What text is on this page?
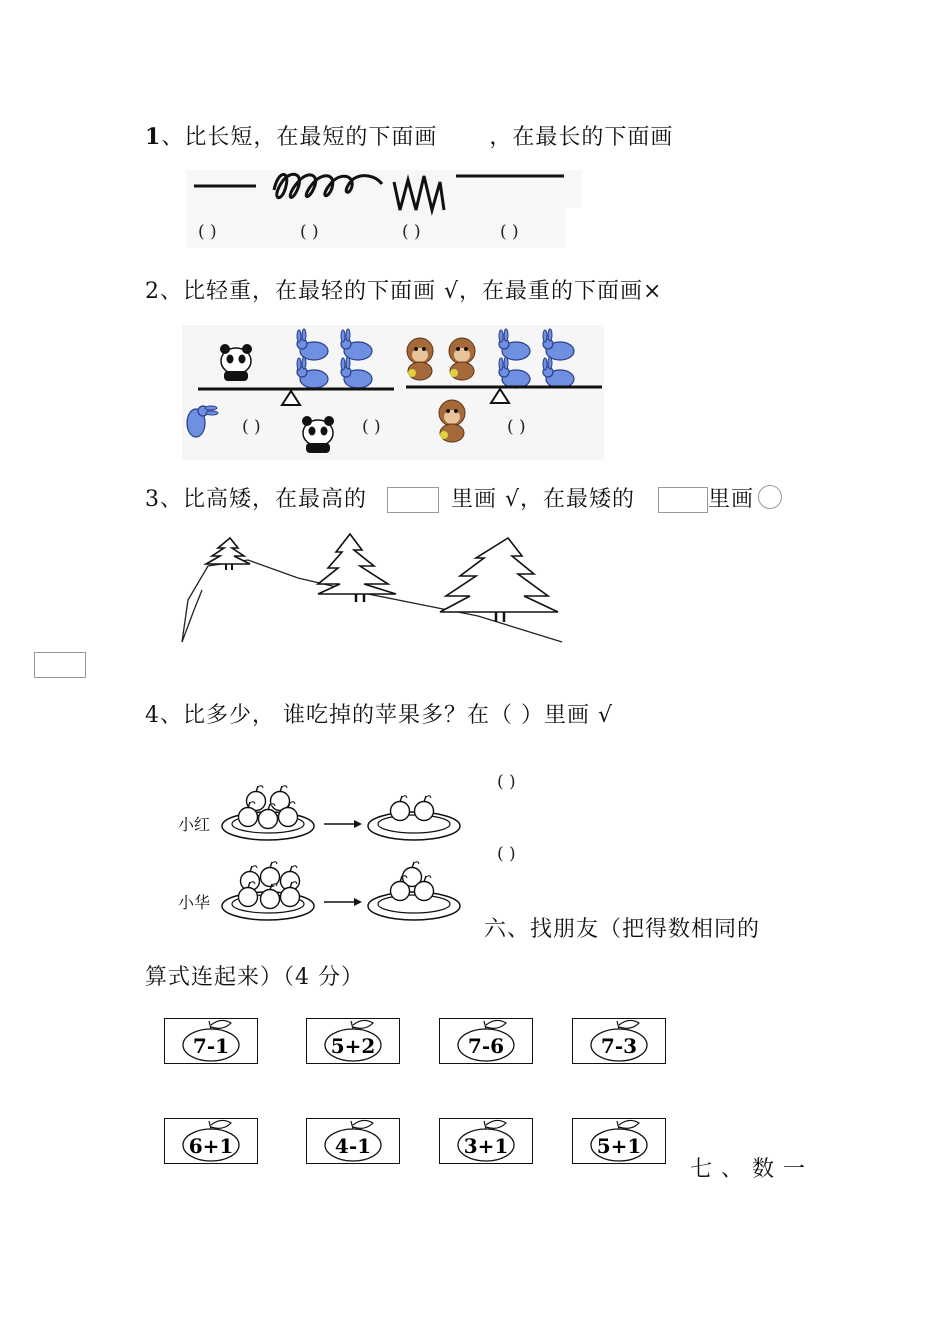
1、比长短，在最短的下面画 ，在最长的下面画
( )	( )	( )	( )
2、比轻重，在最轻的下面画 √，在最重的下面画×
( )	( )	( )
3、比高矮，在最高的	里画 √，在最矮的	里画
4、比多少， 谁吃掉的苹果多？在（ ）里画 √
小红
小华
( )
( )
六、找朋友（把得数相同的
算式连起来）（4 分）
7-1	5+2	7-6	7-3
6+1	4-1	3+1	5+1
七 、 数 一
